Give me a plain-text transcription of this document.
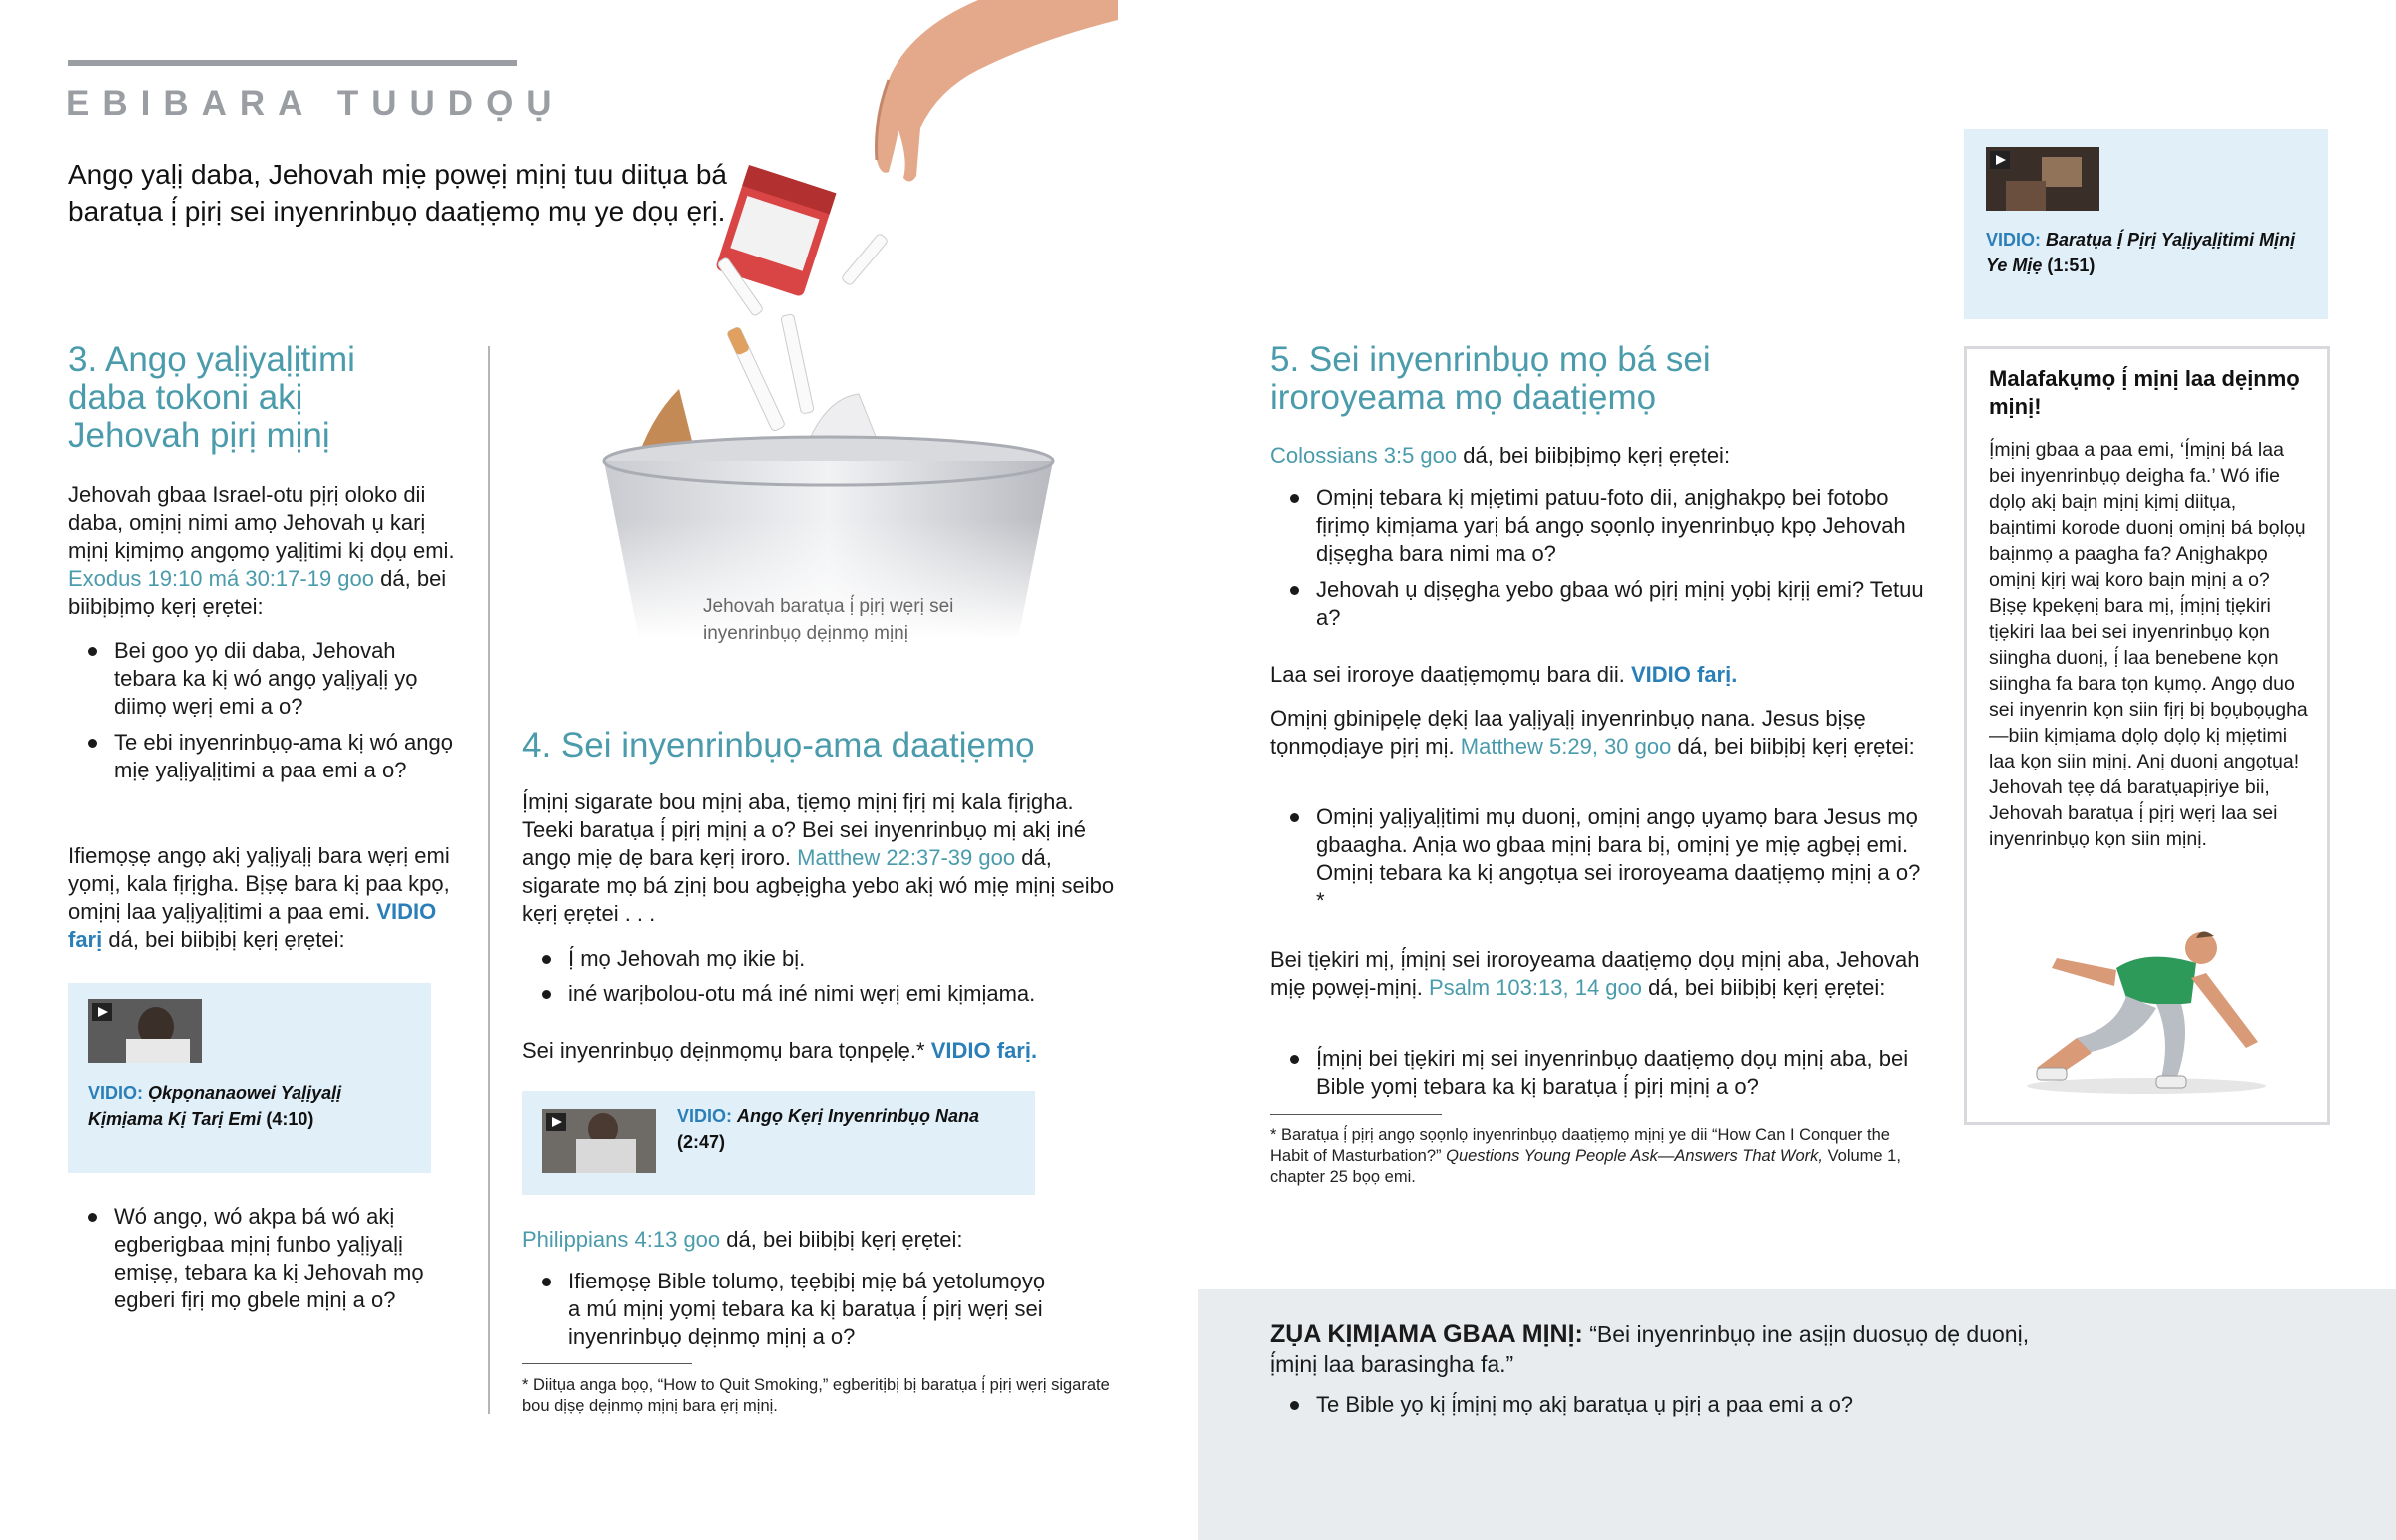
EBIBARA TUUDỌỤ

Angọ yaḷị daba, Jehovah mịẹ pọwẹị mịnị tuu diitụa bá baratụa ị́ pịrị sei inyenrinbụọ daatịẹmọ mụ ye dọụ ẹrị.

Jehovah baratụa ị́ pịrị wẹrị sei inyenrinbụọ dẹịnmọ mịnị
3. Angọ yaḷịyaḷịtimi daba tokoni akị Jehovah pịrị mịnị

Jehovah gbaa Israel-otu pịrị oloko dii daba, omịnị nimi amọ Jehovah ụ karị mịnị kịmịmọ angọmọ yaḷịtimi kị dọụ emi. Exodus 19:10 má 30:17-19 goo dá, bei biibịbịmọ kẹrị ẹrẹtei:

Bei goo yọ dii daba, Jehovah tebara ka kị wó angọ yaḷịyaḷị yọ diimọ wẹrị emi a o?
Te ebi inyenrinbụọ-ama kị wó angọ mịẹ yaḷịyaḷịtimi a paa emi a o?

Ifiemọṣẹ angọ akị yaḷịyaḷị bara wẹrị emi yọmị, kala fịrịgha. Bịṣẹ bara kị paa kpọ, omịnị laa yaḷịyaḷịtimi a paa emi. VIDIO farị dá, bei biibịbị kẹrị ẹrẹtei:

VIDIO: Ọkpọnanaowei Yaḷịyaḷị Kịmịama Kị Tarị Emi (4:10)
Wó angọ, wó akpa bá wó akị egberigbaa mịnị funbo yaḷịyaḷị emiṣẹ, tebara ka kị Jehovah mọ egberi fịrị mọ gbele mịnị a o?
4. Sei inyenrinbụọ-ama daatịẹmọ

Ị́mịnị sigarate bou mịnị aba, tịẹmọ mịnị fịrị mị kala fịrịgha. Teeki baratụa ị́ pịrị mịnị a o? Bei sei inyenrinbụọ mị akị iné angọ mịẹ dẹ bara kẹrị iroro. Matthew 22:37-39 goo dá, sigarate mọ bá zịnị bou agbẹịgha yebo akị wó mịẹ mịnị seibo kẹrị ẹrẹtei . . .

Ị́ mọ Jehovah mọ ikie bị.
iné warịbolou-otu má iné nimi wẹrị emi kịmịama.

Sei inyenrinbụọ dẹịnmọmụ bara tọnpẹlẹ.* VIDIO farị.

VIDIO: Angọ Kẹrị Inyenrinbụọ Nana (2:47)

Philippians 4:13 goo dá, bei biibịbị kẹrị ẹrẹtei:

Ifiemọṣẹ Bible tolumọ, tẹẹbịbị mịẹ bá yetolumọyọ a mú mịnị yọmị tebara ka kị baratụa ị́ pịrị wẹrị sei inyenrinbụọ dẹịnmọ mịnị a o?
* Diitụa anga bọọ, “How to Quit Smoking,” egberitịbị bị baratụa ị́ pịrị wẹrị sigarate bou dịṣẹ dẹịnmọ mịnị bara ẹrị mịnị.
5. Sei inyenrinbụọ mọ bá sei iroroyeama mọ daatịẹmọ

Colossians 3:5 goo dá, bei biibịbịmọ kẹrị ẹrẹtei:

Omịnị tebara kị mịẹtimi patuu-foto dii, anịghakpọ bei fotobo fịrịmọ kịmịama yarị bá angọ sọọnlọ inyenrinbụọ kpọ Jehovah dịṣẹgha bara nimi ma o?
Jehovah ụ dịṣẹgha yebo gbaa wó pịrị mịnị yọbị kịrịị emi? Tetuu a?

Laa sei iroroye daatịẹmọmụ bara dii. VIDIO farị.

Omịnị gbinipẹlẹ dẹkị laa yaḷịyaḷị inyenrinbụọ nana. Jesus bịṣẹ tọnmọdịaye pịrị mị. Matthew 5:29, 30 goo dá, bei biibịbị kẹrị ẹrẹtei:

Omịnị yaḷịyaḷịtimi mụ duonị, omịnị angọ ụyamọ bara Jesus mọ gbaagha. Anịa wo gbaa mịnị bara bị, omịnị ye mịẹ agbẹị emi. Omịnị tebara ka kị angọtụa sei iroroyeama daatịẹmọ mịnị a o?*

Bei tịẹkiri mị, ị́mịnị sei iroroyeama daatịẹmọ dọụ mịnị aba, Jehovah mịẹ pọwẹị-mịnị. Psalm 103:13, 14 goo dá, bei biibịbị kẹrị ẹrẹtei:

Ị́mịnị bei tịẹkiri mị sei inyenrinbụọ daatịẹmọ dọụ mịnị aba, bei Bible yọmị tebara ka kị baratụa ị́ pịrị mịnị a o?
* Baratụa ị́ pịrị angọ sọọnlọ inyenrinbụọ daatịẹmọ mịnị ye dii “How Can I Conquer the Habit of Masturbation?” Questions Young People Ask—Answers That Work, Volume 1, chapter 25 bọọ emi.
VIDIO: Baratụa Ị́ Pịrị Yaḷịyaḷịtimi Mịnị Ye Mịẹ (1:51)
Malafakụmọ ị́ mịnị laa dẹịnmọ mịnị!
Ị́mịnị gbaa a paa emi, ‘Ị́mịnị bá laa bei inyenrinbụọ deigha fa.’ Wó ifie dọlọ akị baịn mịnị kịmị diitụa, baịntimi korode duonị omịnị bá bọlọụ baịnmọ a paagha fa? Anịghakpọ omịnị kịrị waị koro baịn mịnị a o? Bịṣẹ kpekẹnị bara mị, ị́mịnị tịẹkiri tịẹkiri laa bei sei inyenrinbụọ kọn siingha duonị, ị́ laa benebene kọn siingha fa bara tọn kụmọ. Angọ duo sei inyenrin kọn siin fịrị bị bọụbọụgha—biin kịmịama dọlọ dọlọ kị mịẹtimi laa kọn siin mịnị. Anị duonị angọtụa! Jehovah tẹẹ dá baratụapịriye bii, Jehovah baratụa ị́ pịrị wẹrị laa sei inyenrinbụọ kọn siin mịnị.

ZỤA KỊMỊAMA GBAA MỊNỊ: “Bei inyenrinbụọ ine asịịn duosụọ dẹ duonị, ị́mịnị laa barasingha fa.”

Te Bible yọ kị ị́mịnị mọ akị baratụa ụ pịrị a paa emi a o?
